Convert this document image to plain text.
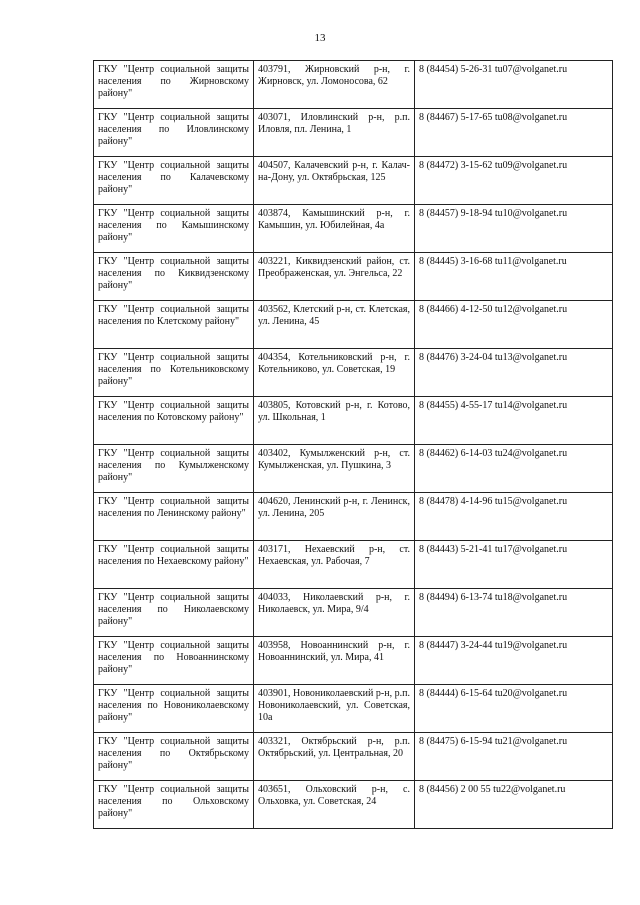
13
ГКУ "Центр социальной защиты населения по Жирновскому району"	403791, Жирновский р-н, г. Жирновск, ул. Ломоносова, 62	8 (84454) 5-26-31 tu07@volganet.ru
ГКУ "Центр социальной защиты населения по Иловлинскому району"	403071, Иловлинский р-н, р.п. Иловля, пл. Ленина, 1	8 (84467) 5-17-65 tu08@volganet.ru
ГКУ "Центр социальной защиты населения по Калачевскому району"	404507, Калачевский р-н, г. Калач-на-Дону, ул. Октябрьская, 125	8 (84472) 3-15-62 tu09@volganet.ru
ГКУ "Центр социальной защиты населения по Камышинскому району"	403874, Камышинский р-н, г. Камышин, ул. Юбилейная, 4а	8 (84457) 9-18-94 tu10@volganet.ru
ГКУ "Центр социальной защиты населения по Киквидзенскому району"	403221, Киквидзенский район, ст. Преображенская, ул. Энгельса, 22	8 (84445) 3-16-68 tu11@volganet.ru
ГКУ "Центр социальной защиты населения по Клетскому району"	403562, Клетский р-н, ст. Клетская, ул. Ленина, 45	8 (84466) 4-12-50 tu12@volganet.ru
ГКУ "Центр социальной защиты населения по Котельниковскому району"	404354, Котельниковский р-н, г. Котельниково, ул. Советская, 19	8 (84476) 3-24-04 tu13@volganet.ru
ГКУ "Центр социальной защиты населения по Котовскому району"	403805, Котовский р-н, г. Котово, ул. Школьная, 1	8 (84455) 4-55-17 tu14@volganet.ru
ГКУ "Центр социальной защиты населения по Кумылженскому району"	403402, Кумылженский р-н, ст. Кумылженская, ул. Пушкина, 3	8 (84462) 6-14-03 tu24@volganet.ru
ГКУ "Центр социальной защиты населения по Ленинскому району"	404620, Ленинский р-н, г. Ленинск, ул. Ленина, 205	8 (84478) 4-14-96 tu15@volganet.ru
ГКУ "Центр социальной защиты населения по Нехаевскому району"	403171, Нехаевский р-н, ст. Нехаевская, ул. Рабочая, 7	8 (84443) 5-21-41 tu17@volganet.ru
ГКУ "Центр социальной защиты населения по Николаевскому району"	404033, Николаевский р-н, г. Николаевск, ул. Мира, 9/4	8 (84494) 6-13-74 tu18@volganet.ru
ГКУ "Центр социальной защиты населения по Новоаннинскому району"	403958, Новоаннинский р-н, г. Новоаннинский, ул. Мира, 41	8 (84447) 3-24-44 tu19@volganet.ru
ГКУ "Центр социальной защиты населения по Новониколаевскому району"	403901, Новониколаевский р-н, р.п. Новониколаевский, ул. Советская, 10а	8 (84444) 6-15-64 tu20@volganet.ru
ГКУ "Центр социальной защиты населения по Октябрьскому району"	403321, Октябрьский р-н, р.п. Октябрьский, ул. Центральная, 20	8 (84475) 6-15-94 tu21@volganet.ru
ГКУ "Центр социальной защиты населения по Ольховскому району"	403651, Ольховский р-н, с. Ольховка, ул. Советская, 24	8 (84456) 2 00 55 tu22@volganet.ru
